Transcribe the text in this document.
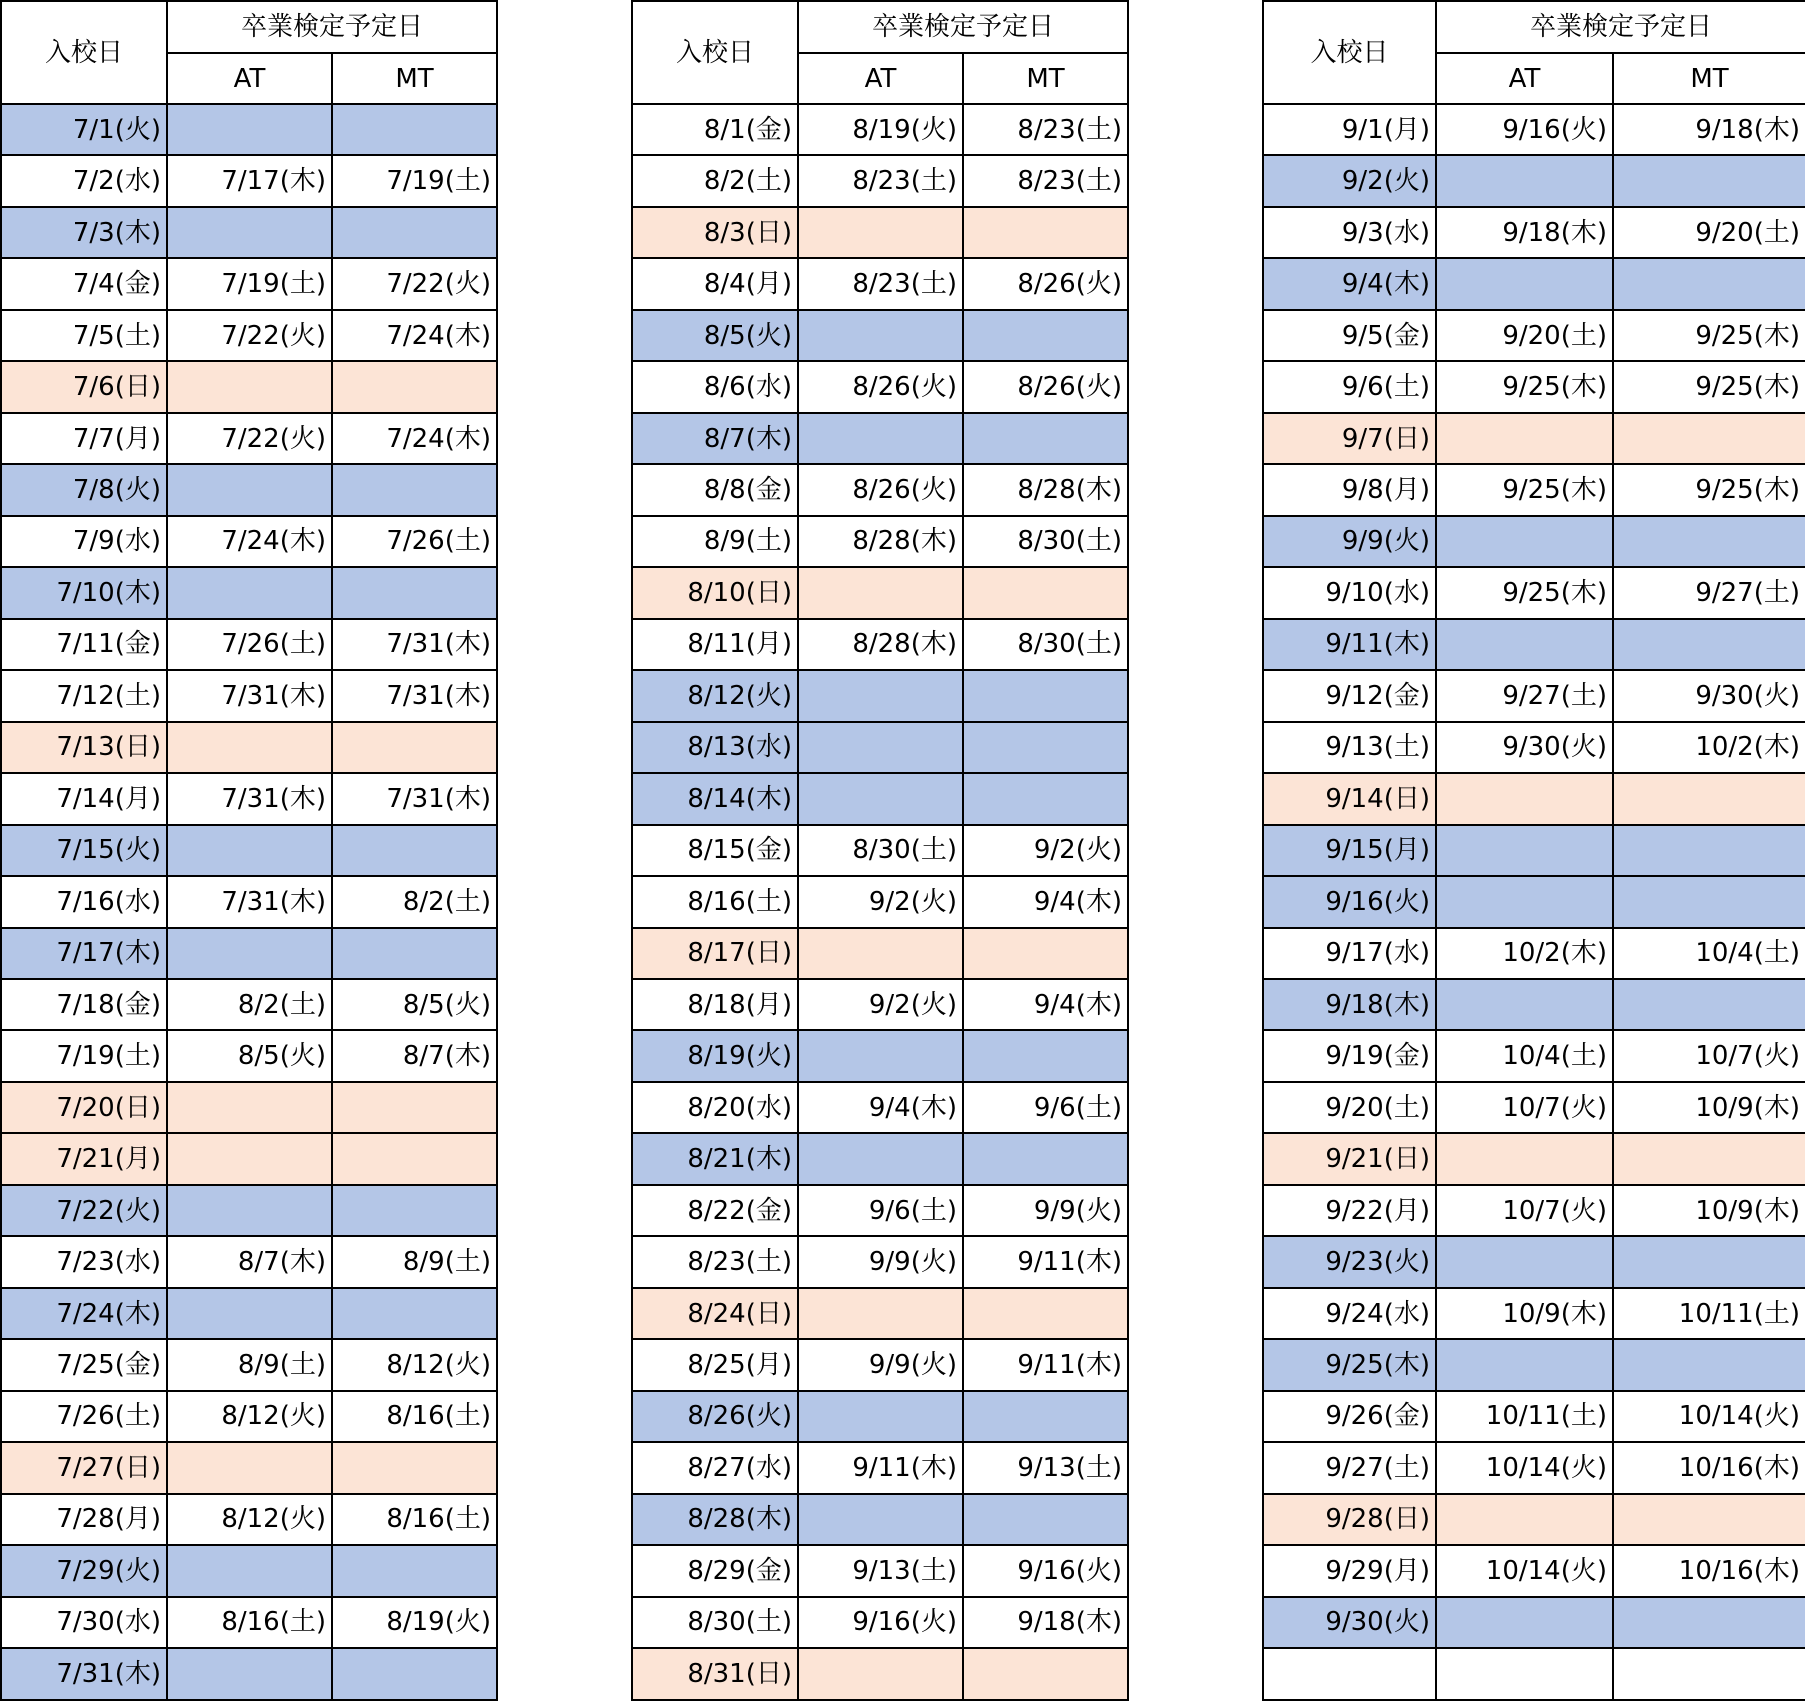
入校日	卒業検定予定日	
	AT	MT
7/1(火)		
7/2(水)	7/17(木)	7/19(土)
7/3(木)		
7/4(金)	7/19(土)	7/22(火)
7/5(土)	7/22(火)	7/24(木)
7/6(日)		
7/7(月)	7/22(火)	7/24(木)
7/8(火)		
7/9(水)	7/24(木)	7/26(土)
7/10(木)		
7/11(金)	7/26(土)	7/31(木)
7/12(土)	7/31(木)	7/31(木)
7/13(日)		
7/14(月)	7/31(木)	7/31(木)
7/15(火)		
7/16(水)	7/31(木)	8/2(土)
7/17(木)		
7/18(金)	8/2(土)	8/5(火)
7/19(土)	8/5(火)	8/7(木)
7/20(日)		
7/21(月)		
7/22(火)		
7/23(水)	8/7(木)	8/9(土)
7/24(木)		
7/25(金)	8/9(土)	8/12(火)
7/26(土)	8/12(火)	8/16(土)
7/27(日)		
7/28(月)	8/12(火)	8/16(土)
7/29(火)		
7/30(水)	8/16(土)	8/19(火)
7/31(木)		
入校日	卒業検定予定日	
	AT	MT
8/1(金)	8/19(火)	8/23(土)
8/2(土)	8/23(土)	8/23(土)
8/3(日)		
8/4(月)	8/23(土)	8/26(火)
8/5(火)		
8/6(水)	8/26(火)	8/26(火)
8/7(木)		
8/8(金)	8/26(火)	8/28(木)
8/9(土)	8/28(木)	8/30(土)
8/10(日)		
8/11(月)	8/28(木)	8/30(土)
8/12(火)		
8/13(水)		
8/14(木)		
8/15(金)	8/30(土)	9/2(火)
8/16(土)	9/2(火)	9/4(木)
8/17(日)		
8/18(月)	9/2(火)	9/4(木)
8/19(火)		
8/20(水)	9/4(木)	9/6(土)
8/21(木)		
8/22(金)	9/6(土)	9/9(火)
8/23(土)	9/9(火)	9/11(木)
8/24(日)		
8/25(月)	9/9(火)	9/11(木)
8/26(火)		
8/27(水)	9/11(木)	9/13(土)
8/28(木)		
8/29(金)	9/13(土)	9/16(火)
8/30(土)	9/16(火)	9/18(木)
8/31(日)		
入校日	卒業検定予定日	
	AT	MT
9/1(月)	9/16(火)	9/18(木)
9/2(火)		
9/3(水)	9/18(木)	9/20(土)
9/4(木)		
9/5(金)	9/20(土)	9/25(木)
9/6(土)	9/25(木)	9/25(木)
9/7(日)		
9/8(月)	9/25(木)	9/25(木)
9/9(火)		
9/10(水)	9/25(木)	9/27(土)
9/11(木)		
9/12(金)	9/27(土)	9/30(火)
9/13(土)	9/30(火)	10/2(木)
9/14(日)		
9/15(月)		
9/16(火)		
9/17(水)	10/2(木)	10/4(土)
9/18(木)		
9/19(金)	10/4(土)	10/7(火)
9/20(土)	10/7(火)	10/9(木)
9/21(日)		
9/22(月)	10/7(火)	10/9(木)
9/23(火)		
9/24(水)	10/9(木)	10/11(土)
9/25(木)		
9/26(金)	10/11(土)	10/14(火)
9/27(土)	10/14(火)	10/16(木)
9/28(日)		
9/29(月)	10/14(火)	10/16(木)
9/30(火)		
